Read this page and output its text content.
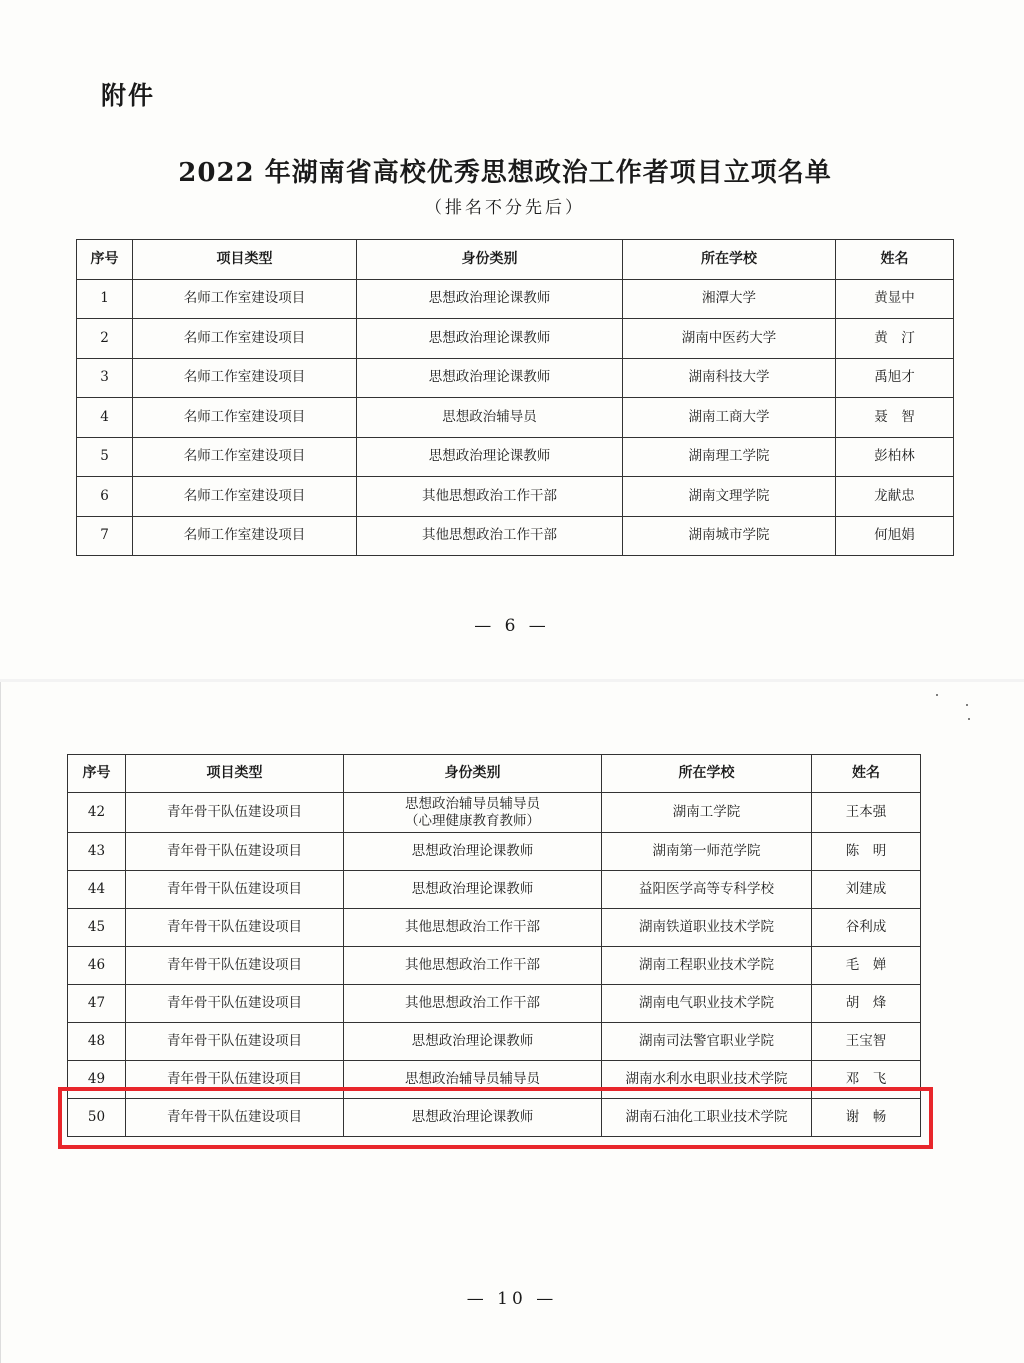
附件
2022 年湖南省高校优秀思想政治工作者项目立项名单
（排名不分先后）
序号	项目类型	身份类别	所在学校	姓名
1	名师工作室建设项目	思想政治理论课教师	湘潭大学	黄显中
2	名师工作室建设项目	思想政治理论课教师	湖南中医药大学	黄　汀
3	名师工作室建设项目	思想政治理论课教师	湖南科技大学	禹旭才
4	名师工作室建设项目	思想政治辅导员	湖南工商大学	聂　智
5	名师工作室建设项目	思想政治理论课教师	湖南理工学院	彭柏林
6	名师工作室建设项目	其他思想政治工作干部	湖南文理学院	龙献忠
7	名师工作室建设项目	其他思想政治工作干部	湖南城市学院	何旭娟
— 6 —
序号	项目类型	身份类别	所在学校	姓名
42	青年骨干队伍建设项目	思想政治辅导员辅导员
（心理健康教育教师）	湖南工学院	王本强
43	青年骨干队伍建设项目	思想政治理论课教师	湖南第一师范学院	陈　明
44	青年骨干队伍建设项目	思想政治理论课教师	益阳医学高等专科学校	刘建成
45	青年骨干队伍建设项目	其他思想政治工作干部	湖南铁道职业技术学院	谷利成
46	青年骨干队伍建设项目	其他思想政治工作干部	湖南工程职业技术学院	毛　婵
47	青年骨干队伍建设项目	其他思想政治工作干部	湖南电气职业技术学院	胡　烽
48	青年骨干队伍建设项目	思想政治理论课教师	湖南司法警官职业学院	王宝智
49	青年骨干队伍建设项目	思想政治辅导员辅导员	湖南水利水电职业技术学院	邓　飞
50	青年骨干队伍建设项目	思想政治理论课教师	湖南石油化工职业技术学院	谢　畅
— 10 —
